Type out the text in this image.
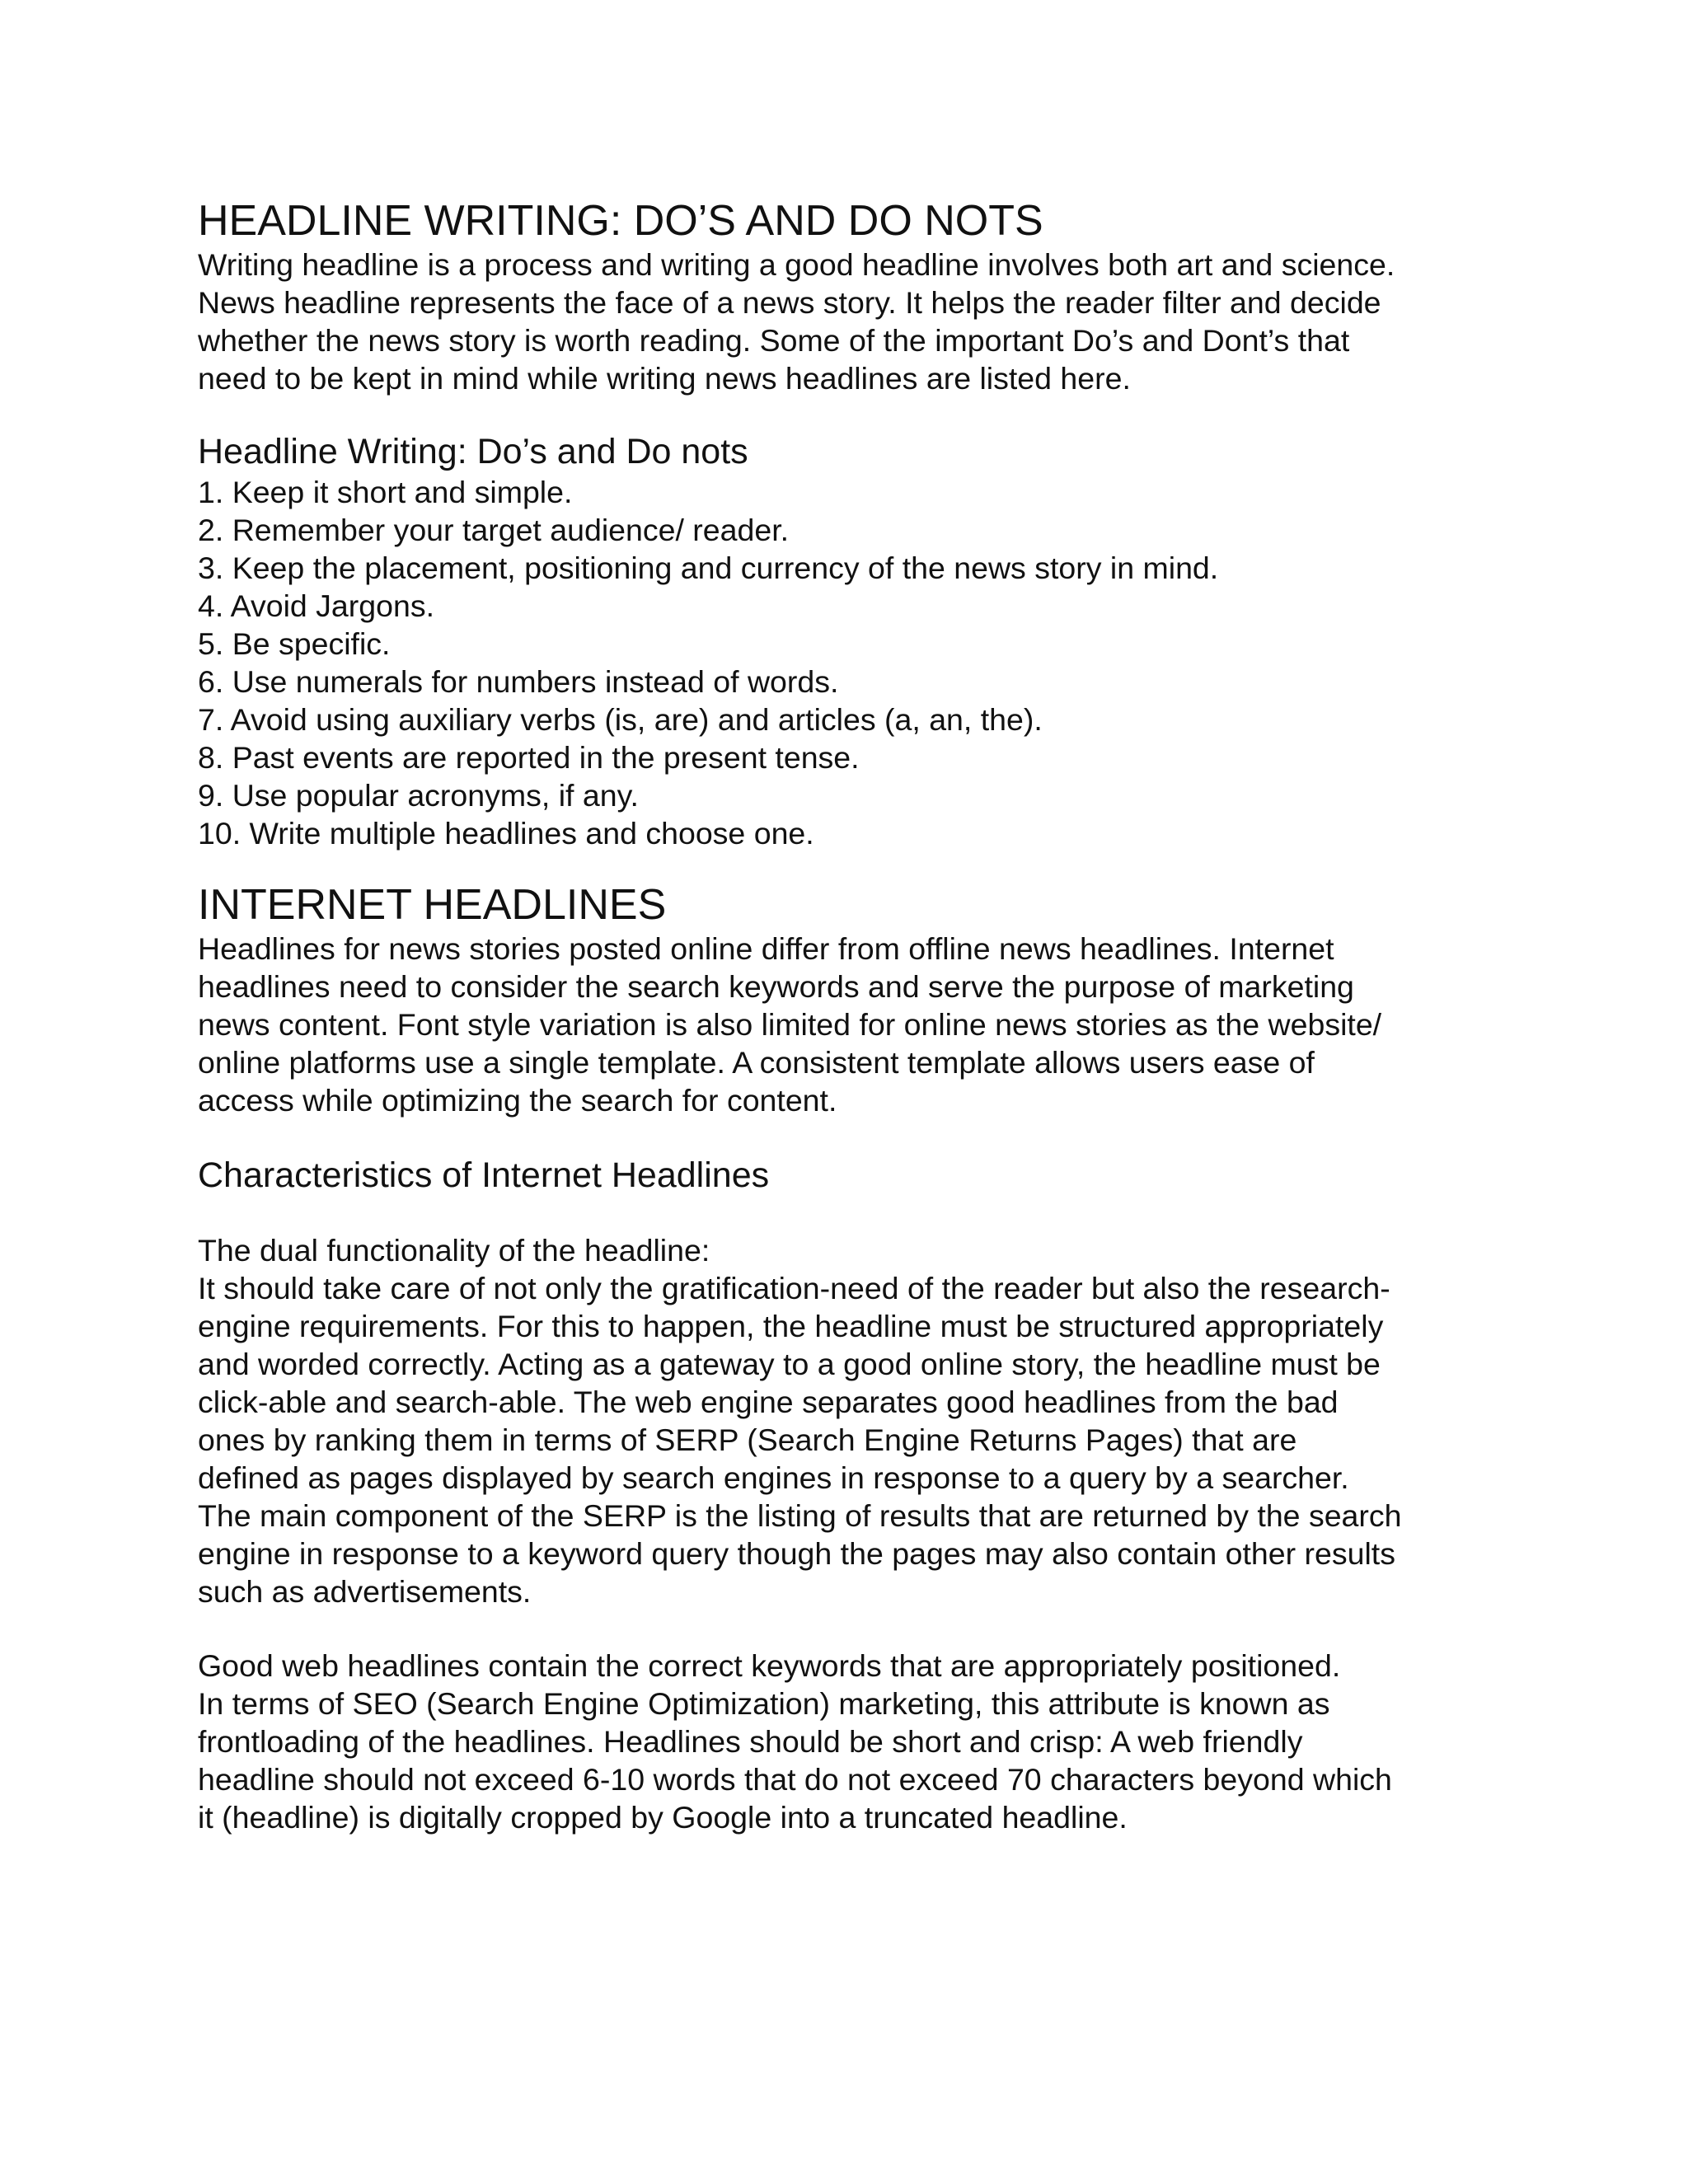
HEADLINE WRITING: DO’S AND DO NOTS

Writing headline is a process and writing a good headline involves both art and science.

News headline represents the face of a news story. It helps the reader filter and decide

whether the news story is worth reading. Some of the important Do’s and Dont’s that

need to be kept in mind while writing news headlines are listed here.

Headline Writing: Do’s and Do nots
1. Keep it short and simple.
2. Remember your target audience/ reader.
3. Keep the placement, positioning and currency of the news story in mind.
4. Avoid Jargons.
5. Be specific.
6. Use numerals for numbers instead of words.
7. Avoid using auxiliary verbs (is, are) and articles (a, an, the).
8. Past events are reported in the present tense.
9. Use popular acronyms, if any.
10. Write multiple headlines and choose one.
INTERNET HEADLINES

Headlines for news stories posted online differ from offline news headlines. Internet

headlines need to consider the search keywords and serve the purpose of marketing

news content. Font style variation is also limited for online news stories as the website/

online platforms use a single template. A consistent template allows users ease of

access while optimizing the search for content.

Characteristics of Internet Headlines

The dual functionality of the headline:

It should take care of not only the gratification-need of the reader but also the research-

engine requirements. For this to happen, the headline must be structured appropriately

and worded correctly. Acting as a gateway to a good online story, the headline must be

click-able and search-able. The web engine separates good headlines from the bad

ones by ranking them in terms of SERP (Search Engine Returns Pages) that are

defined as pages displayed by search engines in response to a query by a searcher.

The main component of the SERP is the listing of results that are returned by the search

engine in response to a keyword query though the pages may also contain other results

such as advertisements.

Good web headlines contain the correct keywords that are appropriately positioned.

In terms of SEO (Search Engine Optimization) marketing, this attribute is known as

frontloading of the headlines. Headlines should be short and crisp: A web friendly

headline should not exceed 6-10 words that do not exceed 70 characters beyond which

it (headline) is digitally cropped by Google into a truncated headline.
